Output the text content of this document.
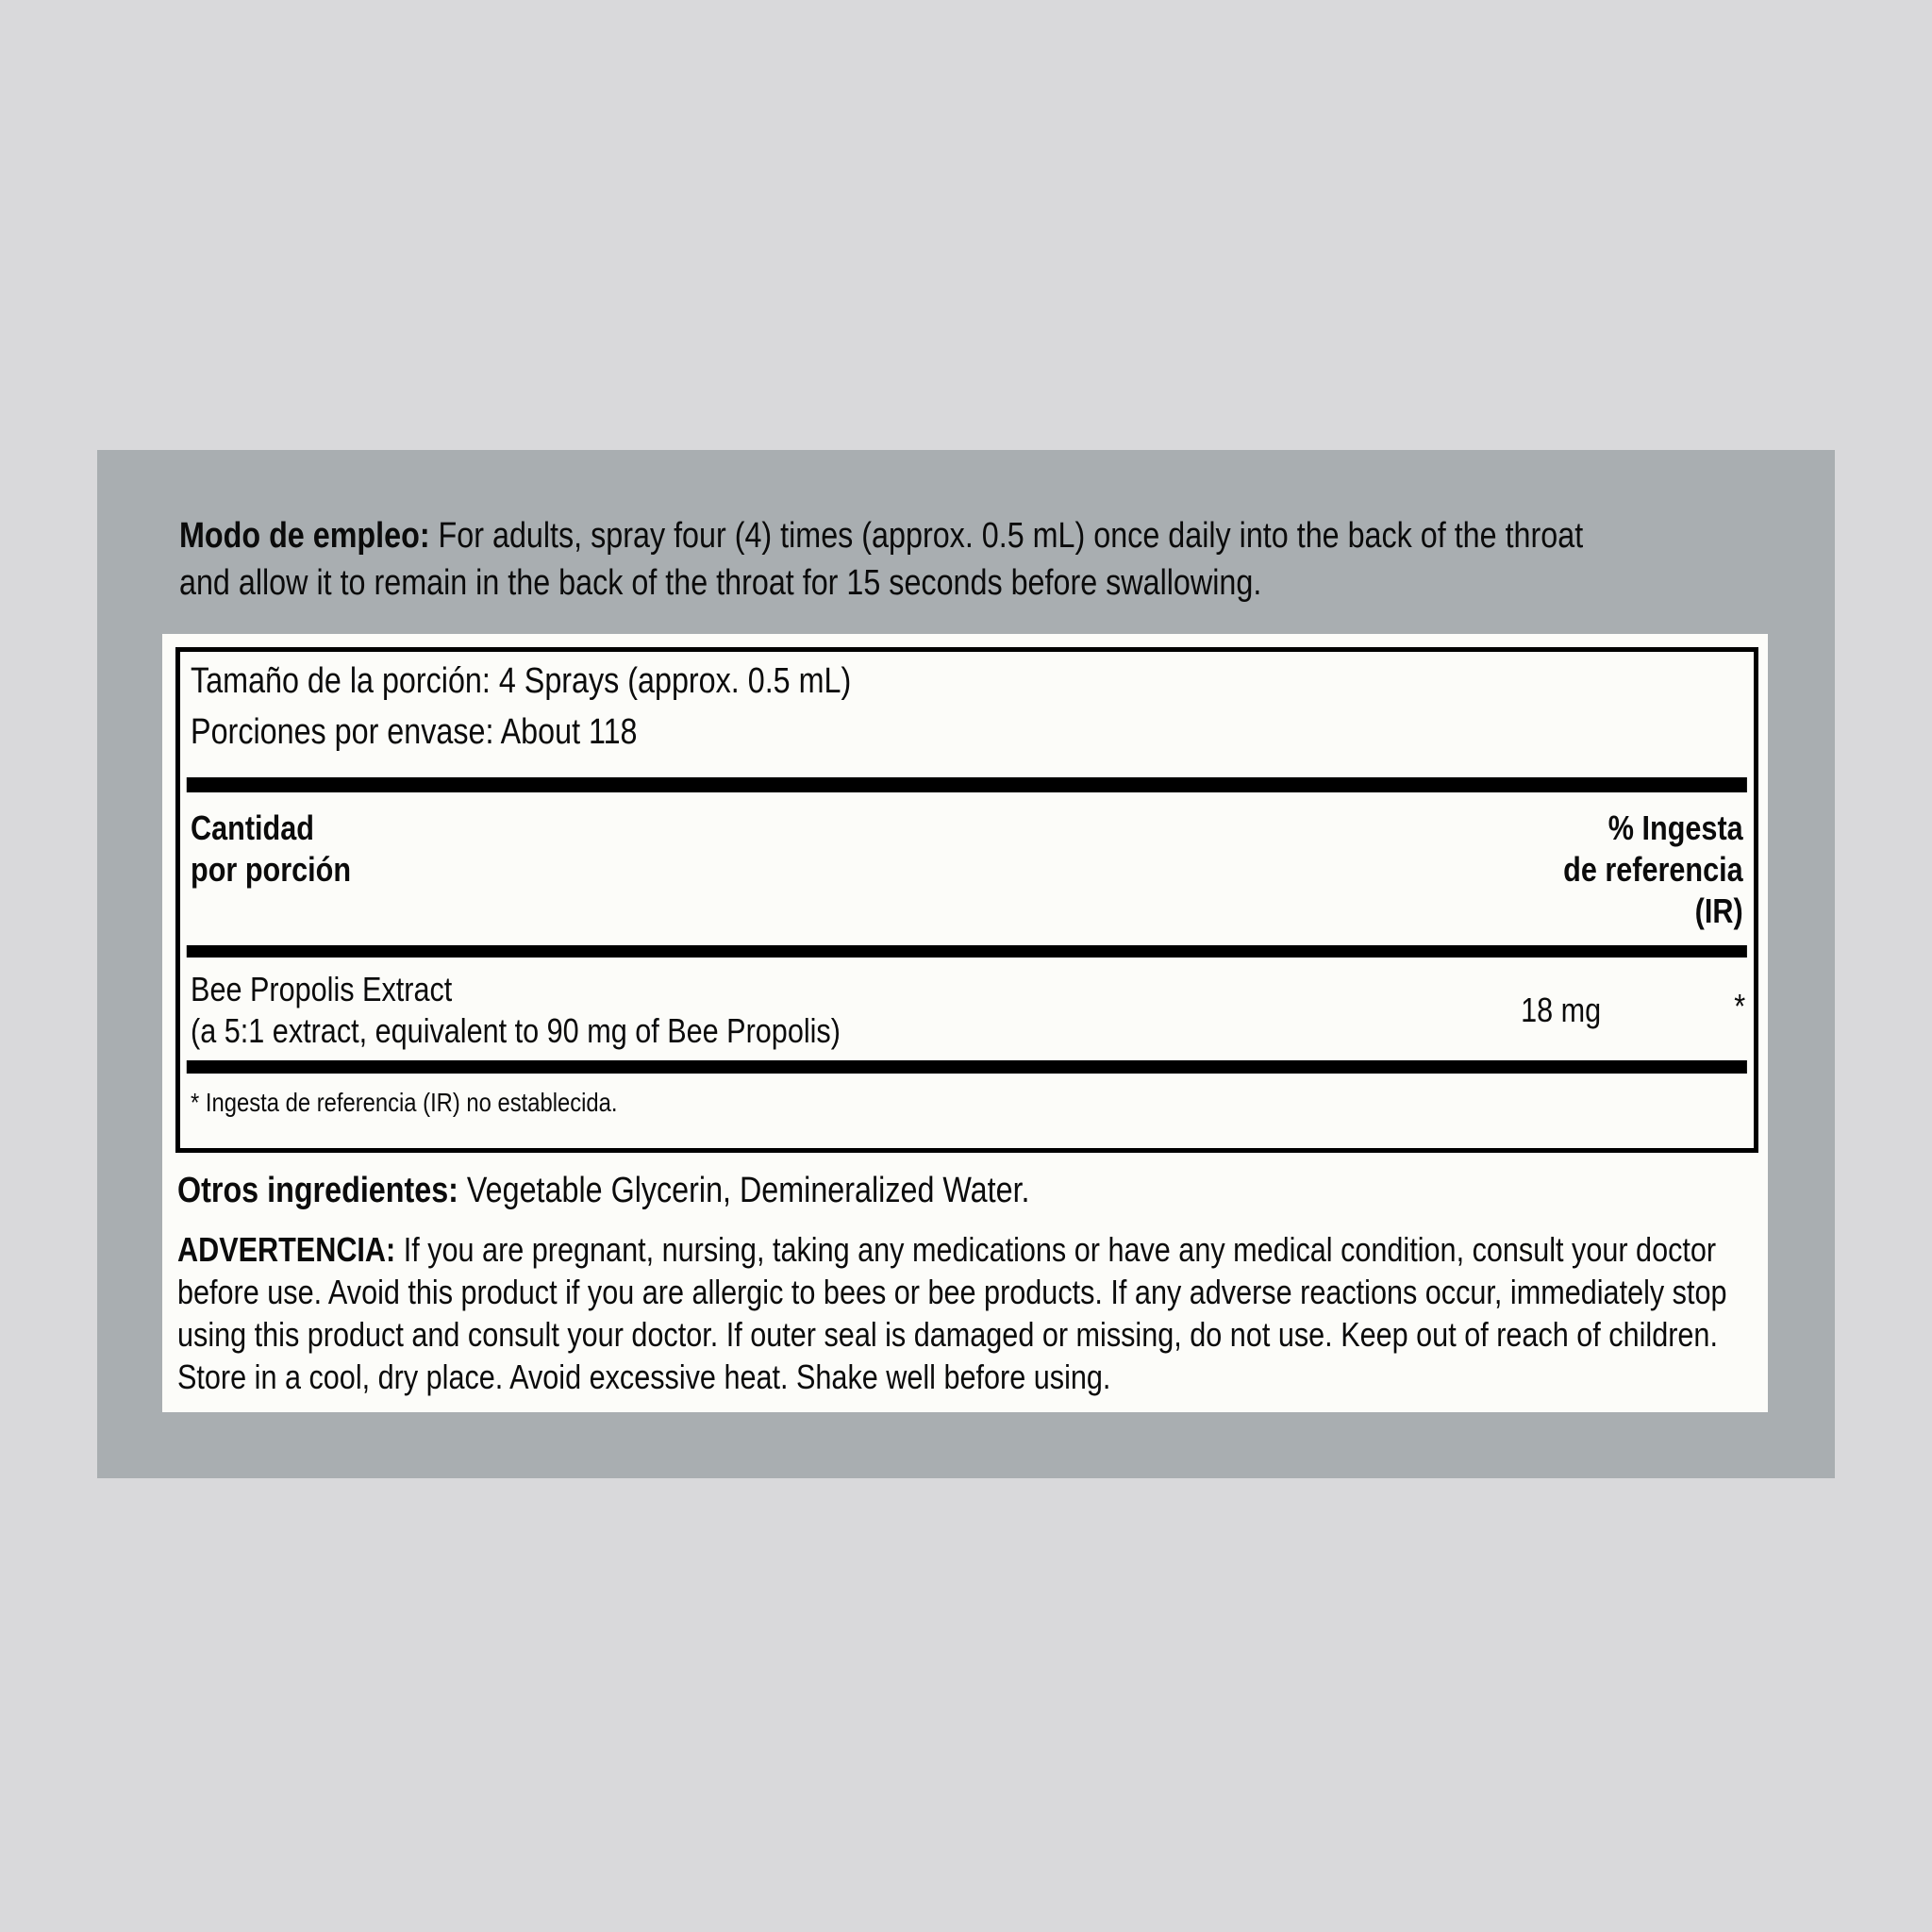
Modo de empleo: For adults, spray four (4) times (approx. 0.5 mL) once daily into the back of the throat
and allow it to remain in the back of the throat for 15 seconds before swallowing.
Tamaño de la porción: 4 Sprays (approx. 0.5 mL)
Porciones por envase: About 118
Cantidad
por porción
% Ingesta
de referencia
(IR)
Bee Propolis Extract
(a 5:1 extract, equivalent to 90 mg of Bee Propolis)
18 mg	*
* Ingesta de referencia (IR) no establecida.
Otros ingredientes: Vegetable Glycerin, Demineralized Water.
ADVERTENCIA: If you are pregnant, nursing, taking any medications or have any medical condition, consult your doctor
before use. Avoid this product if you are allergic to bees or bee products. If any adverse reactions occur, immediately stop
using this product and consult your doctor. If outer seal is damaged or missing, do not use. Keep out of reach of children.
Store in a cool, dry place. Avoid excessive heat. Shake well before using.
